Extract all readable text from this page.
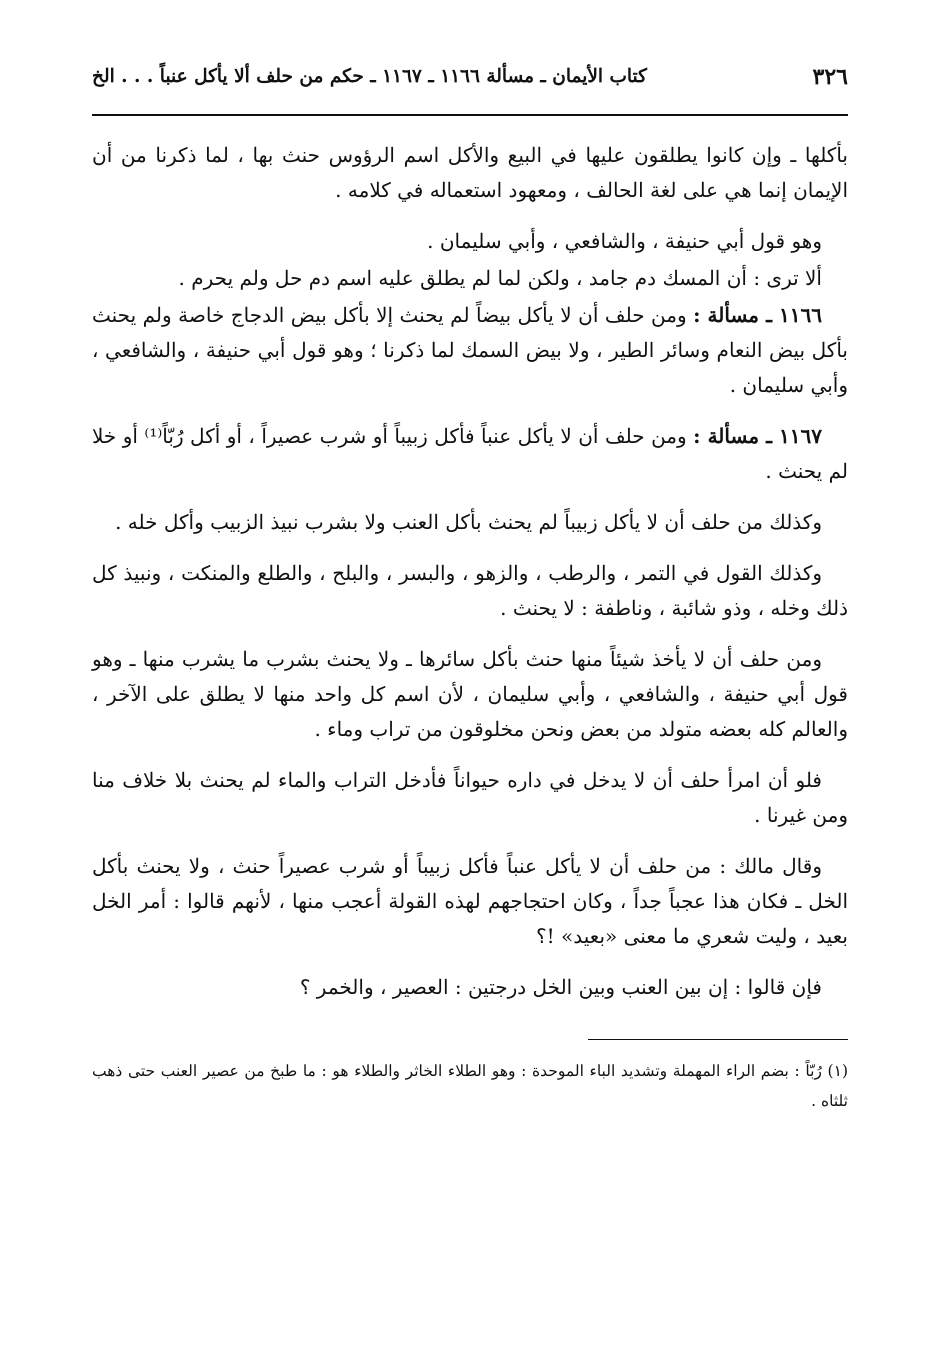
٣٢٦
كتاب الأيمان ـ مسألة ١١٦٦ ـ ١١٦٧ ـ حكم من حلف ألا يأكل عنباً . . . الخ

بأكلها ـ وإن كانوا يطلقون عليها في البيع والأكل اسم الرؤوس حنث بها ، لما ذكرنا من أن الإيمان إنما هي على لغة الحالف ، ومعهود استعماله في كلامه .

وهو قول أبي حنيفة ، والشافعي ، وأبي سليمان .

ألا ترى : أن المسك دم جامد ، ولكن لما لم يطلق عليه اسم دم حل ولم يحرم .

١١٦٦ ـ مسألة : ومن حلف أن لا يأكل بيضاً لم يحنث إلا بأكل بيض الدجاج خاصة ولم يحنث بأكل بيض النعام وسائر الطير ، ولا بيض السمك لما ذكرنا ؛ وهو قول أبي حنيفة ، والشافعي ، وأبي سليمان .

١١٦٧ ـ مسألة : ومن حلف أن لا يأكل عنباً فأكل زبيباً أو شرب عصيراً ، أو أكل رُبّاً⁽¹⁾ أو خلا لم يحنث .

وكذلك من حلف أن لا يأكل زبيباً لم يحنث بأكل العنب ولا بشرب نبيذ الزبيب وأكل خله .

وكذلك القول في التمر ، والرطب ، والزهو ، والبسر ، والبلح ، والطلع والمنكت ، ونبيذ كل ذلك وخله ، وذو شائبة ، وناطفة : لا يحنث .

ومن حلف أن لا يأخذ شيئاً منها حنث بأكل سائرها ـ ولا يحنث بشرب ما يشرب منها ـ وهو قول أبي حنيفة ، والشافعي ، وأبي سليمان ، لأن اسم كل واحد منها لا يطلق على الآخر ، والعالم كله بعضه متولد من بعض ونحن مخلوقون من تراب وماء .

فلو أن امرأ حلف أن لا يدخل في داره حيواناً فأدخل التراب والماء لم يحنث بلا خلاف منا ومن غيرنا .

وقال مالك : من حلف أن لا يأكل عنباً فأكل زبيباً أو شرب عصيراً حنث ، ولا يحنث بأكل الخل ـ فكان هذا عجباً جداً ، وكان احتجاجهم لهذه القولة أعجب منها ، لأنهم قالوا : أمر الخل بعيد ، وليت شعري ما معنى «بعيد» !؟

فإن قالوا : إن بين العنب وبين الخل درجتين : العصير ، والخمر ؟

(١) رُبّاً : بضم الراء المهملة وتشديد الباء الموحدة : وهو الطلاء الخاثر والطلاء هو : ما طبخ من عصير العنب حتى ذهب ثلثاه .
